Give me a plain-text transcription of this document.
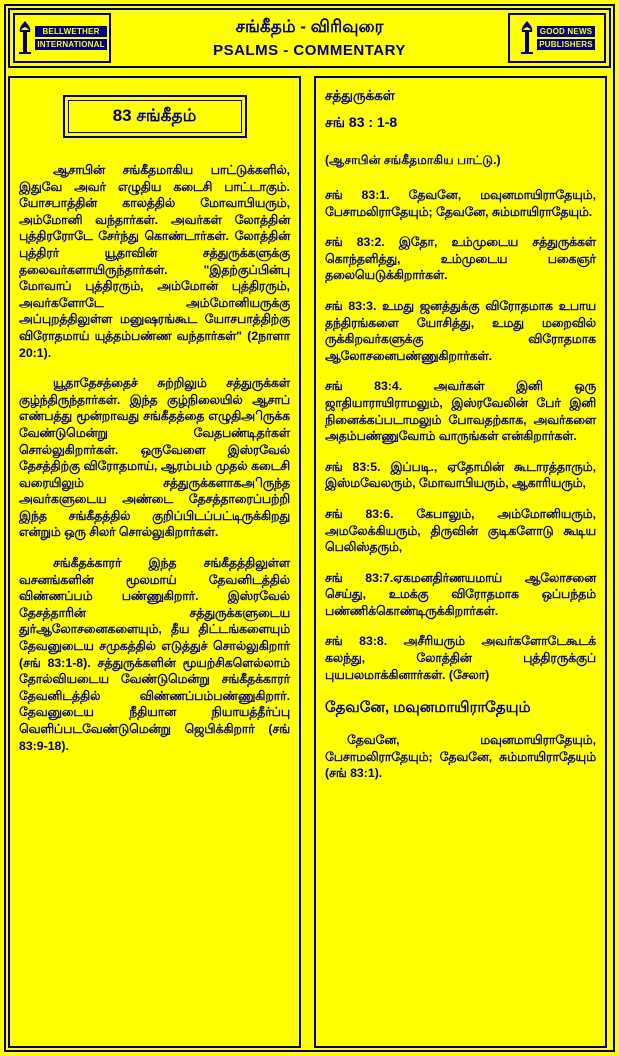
BELLWETHER
INTERNATIONAL
சங்கீதம் - விரிவுரை
PSALMS - COMMENTARY
GOOD NEWS
PUBLISHERS
83 சங்கீதம்

ஆசாபின் சங்கீதமாகிய பாட்டுக்களில், இதுவே அவர் எழுதிய கடைசி பாட்டாகும். யோசபாத்தின் காலத்தில் மோவாபியரும், அம்மோனி வந்தார்கள். அவர்கள் லோத்தின் புத்திரரோடே சேர்ந்து கொண்டார்கள். லோத்தின் புத்திரர் யூதாவின் சத்துருக்களுக்கு தலைவர்களாயிருந்தார்கள். "இதற்குப்பின்பு மோவாப் புத்திரரும், அம்மோன் புத்திரரும், அவர்களோடே அம்மோனியருக்கு அப்புறத்திலுள்ள மனுஷரங்கூட யோசபாத்திற்கு விரோதமாய் யுத்தம்பண்ண வந்தார்கள்" (2நாளா 20:1).

யூதாதேசத்தைச் சுற்றிலும் சத்துருக்கள் குழ்ந்திருந்தார்கள். இந்த குழ்நிலையில் ஆசாப் எண்பத்து மூன்றாவது சங்கீதத்தை எழுதிஅிருக்க வேண்டுமென்று வேதபண்டிதர்கள் சொல்லுகிறார்கள். ஒருவேளை இஸ்ரவேல் தேசத்திற்கு விரோதமாய், ஆரம்பம் முதல் கடைசி வரையிலும் சத்துருக்களாகஅிருந்த அவர்களுடைய அண்டை தேசத்தாரைப்பற்றி இந்த சங்கீதத்தில் குறிப்பிடப்பட்டிருக்கிறது என்றும் ஒரு சிலர் சொல்லுகிறார்கள்.

சங்கீதக்காரர் இந்த சங்கீதத்திலுள்ள வசனங்களின் மூலமாய் தேவனிடத்தில் விண்ணப்பம் பண்ணுகிறார். இஸ்ரவேல் தேசத்தாரின் சத்துருக்களுடைய துர்ஆலோசனைகளையும், தீய திட்டங்களையும் தேவனுடைய சமுகத்தில் எடுத்துச் சொல்லுகிறார் (சங் 83:1-8). சத்துருக்களின் மூயற்சிகளெல்லாம் தோல்வியடைய வேண்டுமென்று சங்கீதக்காரர் தேவனிடத்தில் விண்ணப்பம்பண்ணுகிறார். தேவனுடைய நீதியான நியாயத்தீர்ப்பு வெளிப்படவேண்டுமென்று ஜெபிக்கிறார் (சங் 83:9-18).

சத்துருக்கள்
சங் 83 : 1-8
(ஆசாபின் சங்கீதமாகிய பாட்டு.)

சங் 83:1. தேவனே, மவுனமாயிராதேயும், பேசாமலிராதேயும்; தேவனே, சும்மாயிராதேயும்.

சங் 83:2. இதோ, உம்முடைய சத்துருக்கள் கொந்தளித்து, உம்முடைய பகைஞர் தலையெடுக்கிறார்கள்.

சங் 83:3. உமது ஜனத்துக்கு விரோதமாக உபாய தந்திரங்களை யோசித்து, உமது மறைவில் ருக்கிறவர்களுக்கு விரோதமாக ஆலோசனைபண்ணுகிறார்கள்.

சங் 83:4. அவர்கள் இனி ஒரு ஜாதியாராயிராமலும், இஸ்ரவேலின் பேர் இனி நினைக்கப்படாமலும் போவதற்காக, அவர்களை அதம்பண்ணுவோம் வாருங்கள் என்கிறார்கள்.

சங் 83:5. இப்படி., ஏதோமின் கூடாரத்தாரும், இஸ்மவேலரும், மோவாபியரும், ஆகாரியரும்,

சங் 83:6. கேபாலும், அம்மோனியரும், அமலேக்கியரும், திருவின் குடிகளோடு கூடிய பெலிஸ்தரும்,

சங் 83:7.ஏகமனதிர்ணயமாய் ஆலோசனை செய்து, உமக்கு விரோதமாக ஒப்பந்தம் பண்ணிக்கொண்டிருக்கிறார்கள்.

சங் 83:8. அசீரியரும் அவர்களோடேகூடக் கலந்து, லோத்தின் புத்திரருக்குப் புயபலமாக்கினார்கள். (சேலா)

தேவனே, மவுனமாயிராதேயும்

தேவனே, மவுனமாயிராதேயும், பேசாமலிராதேயும்; தேவனே, சும்மாயிராதேயும் (சங் 83:1).
